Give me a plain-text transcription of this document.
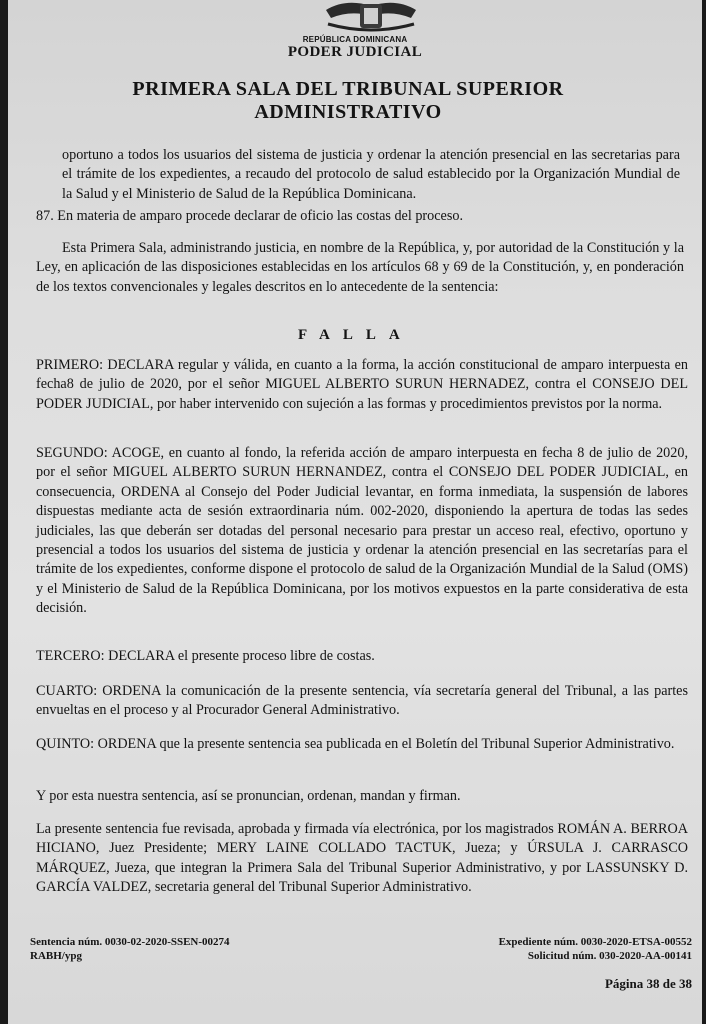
REPÚBLICA DOMINICANA
PODER JUDICIAL
PRIMERA SALA DEL TRIBUNAL SUPERIOR
ADMINISTRATIVO

oportuno a todos los usuarios del sistema de justicia y ordenar la atención presencial en las secretarias para el trámite de los expedientes, a recaudo del protocolo de salud establecido por la Organización Mundial de la Salud y el Ministerio de Salud de la República Dominicana.

87. En materia de amparo procede declarar de oficio las costas del proceso.

Esta Primera Sala, administrando justicia, en nombre de la República, y, por autoridad de la Constitución y la Ley, en aplicación de las disposiciones establecidas en los artículos 68 y 69 de la Constitución, y, en ponderación de los textos convencionales y legales descritos en lo antecedente de la sentencia:

FALLA

PRIMERO: DECLARA regular y válida, en cuanto a la forma, la acción constitucional de amparo interpuesta en fecha8 de julio de 2020, por el señor MIGUEL ALBERTO SURUN HERNADEZ, contra el CONSEJO DEL PODER JUDICIAL, por haber intervenido con sujeción a las formas y procedimientos previstos por la norma.

SEGUNDO: ACOGE, en cuanto al fondo, la referida acción de amparo interpuesta en fecha 8 de julio de 2020, por el señor MIGUEL ALBERTO SURUN HERNANDEZ, contra el CONSEJO DEL PODER JUDICIAL, en consecuencia, ORDENA al Consejo del Poder Judicial levantar, en forma inmediata, la suspensión de labores dispuestas mediante acta de sesión extraordinaria núm. 002-2020, disponiendo la apertura de todas las sedes judiciales, las que deberán ser dotadas del personal necesario para prestar un acceso real, efectivo, oportuno y presencial a todos los usuarios del sistema de justicia y ordenar la atención presencial en las secretarías para el trámite de los expedientes, conforme dispone el protocolo de salud de la Organización Mundial de la Salud (OMS) y el Ministerio de Salud de la República Dominicana, por los motivos expuestos en la parte considerativa de esta decisión.

TERCERO: DECLARA el presente proceso libre de costas.

CUARTO: ORDENA la comunicación de la presente sentencia, vía secretaría general del Tribunal, a las partes envueltas en el proceso y al Procurador General Administrativo.

QUINTO: ORDENA que la presente sentencia sea publicada en el Boletín del Tribunal Superior Administrativo.

Y por esta nuestra sentencia, así se pronuncian, ordenan, mandan y firman.

La presente sentencia fue revisada, aprobada y firmada vía electrónica, por los magistrados ROMÁN A. BERROA HICIANO, Juez Presidente; MERY LAINE COLLADO TACTUK, Jueza; y ÚRSULA J. CARRASCO MÁRQUEZ, Jueza, que integran la Primera Sala del Tribunal Superior Administrativo, y por LASSUNSKY D. GARCÍA VALDEZ, secretaria general del Tribunal Superior Administrativo.

Sentencia núm. 0030-02-2020-SSEN-00274
RABH/ypg
Expediente núm. 0030-2020-ETSA-00552
Solicitud núm. 030-2020-AA-00141
Página 38 de 38
